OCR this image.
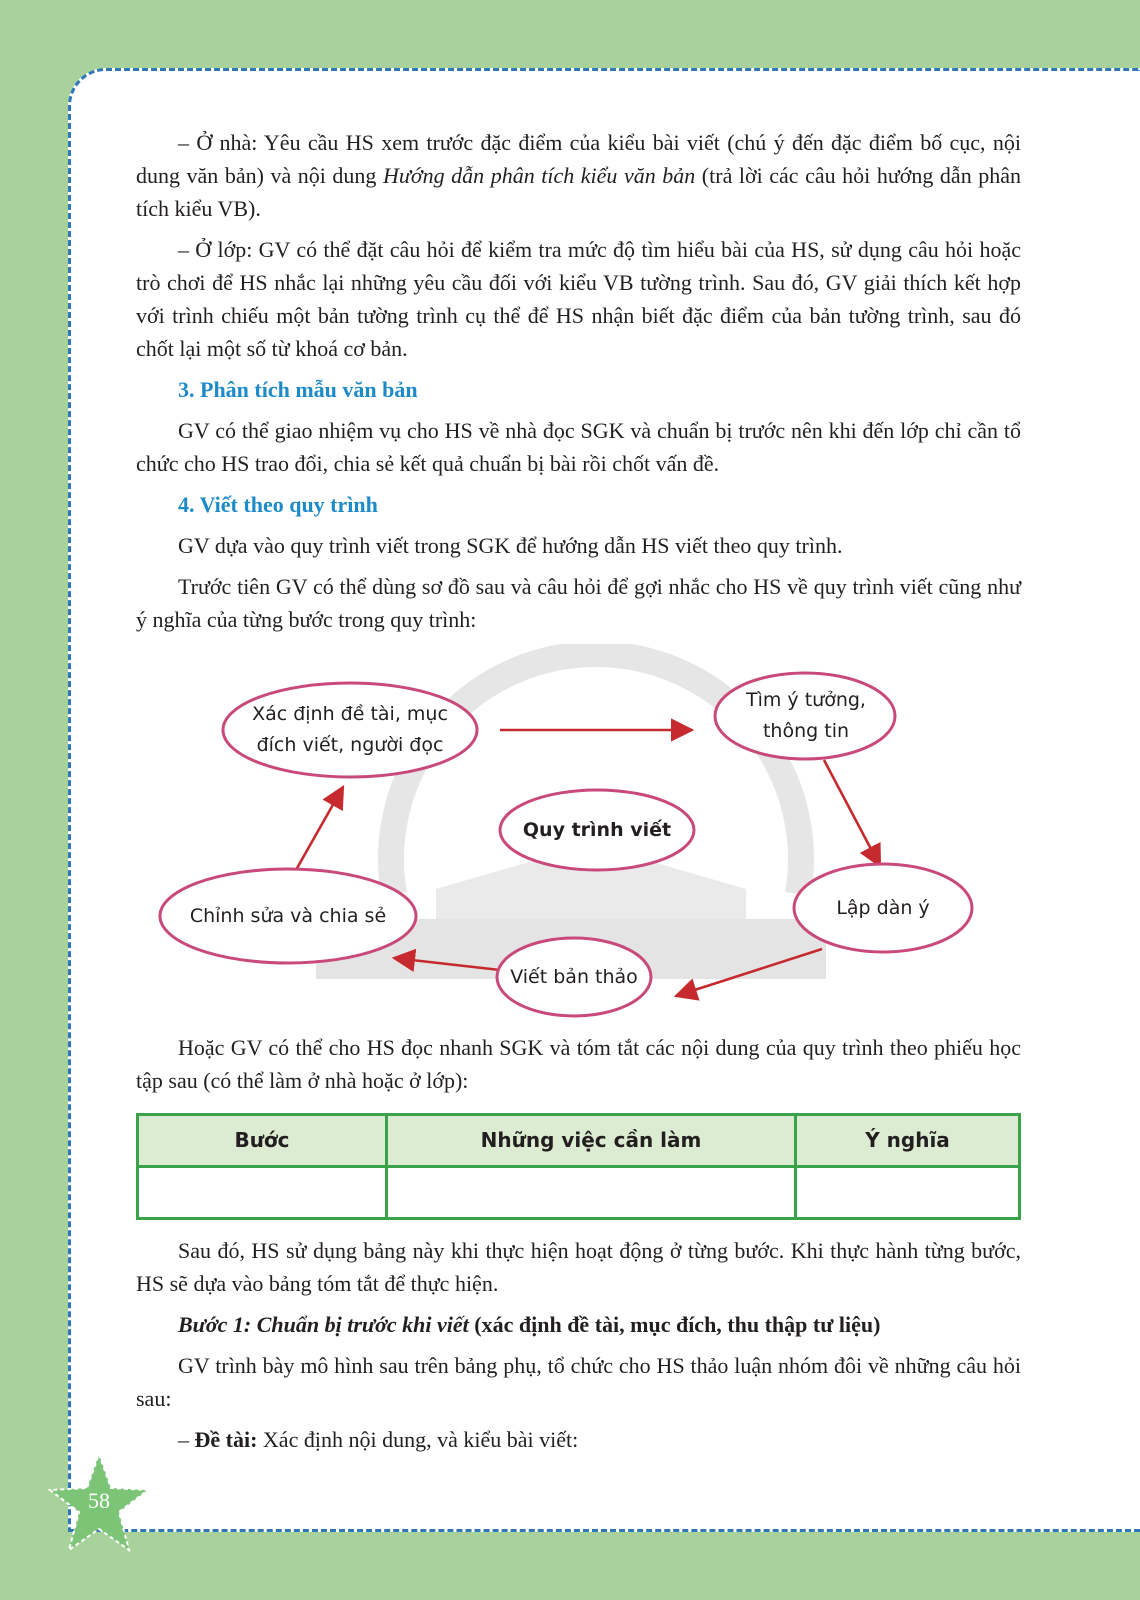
– Ở nhà: Yêu cầu HS xem trước đặc điểm của kiểu bài viết (chú ý đến đặc điểm bố cục, nội dung văn bản) và nội dung Hướng dẫn phân tích kiểu văn bản (trả lời các câu hỏi hướng dẫn phân tích kiểu VB).

– Ở lớp: GV có thể đặt câu hỏi để kiểm tra mức độ tìm hiểu bài của HS, sử dụng câu hỏi hoặc trò chơi để HS nhắc lại những yêu cầu đối với kiểu VB tường trình. Sau đó, GV giải thích kết hợp với trình chiếu một bản tường trình cụ thể để HS nhận biết đặc điểm của bản tường trình, sau đó chốt lại một số từ khoá cơ bản.

3. Phân tích mẫu văn bản

GV có thể giao nhiệm vụ cho HS về nhà đọc SGK và chuẩn bị trước nên khi đến lớp chỉ cần tổ chức cho HS trao đổi, chia sẻ kết quả chuẩn bị bài rồi chốt vấn đề.

4. Viết theo quy trình

GV dựa vào quy trình viết trong SGK để hướng dẫn HS viết theo quy trình.

Trước tiên GV có thể dùng sơ đồ sau và câu hỏi để gợi nhắc cho HS về quy trình viết cũng như ý nghĩa của từng bước trong quy trình:

Xác định đề tài, mục đích viết, người đọc
Tìm ý tưởng, thông tin
Quy trình viết
Lập dàn ý
Viết bản thảo
Chỉnh sửa và chia sẻ

Hoặc GV có thể cho HS đọc nhanh SGK và tóm tắt các nội dung của quy trình theo phiếu học tập sau (có thể làm ở nhà hoặc ở lớp):

Bước	Những việc cần làm	Ý nghĩa

Sau đó, HS sử dụng bảng này khi thực hiện hoạt động ở từng bước. Khi thực hành từng bước, HS sẽ dựa vào bảng tóm tắt để thực hiện.

Bước 1: Chuẩn bị trước khi viết (xác định đề tài, mục đích, thu thập tư liệu)

GV trình bày mô hình sau trên bảng phụ, tổ chức cho HS thảo luận nhóm đôi về những câu hỏi sau:

– Đề tài: Xác định nội dung, và kiểu bài viết:

58
